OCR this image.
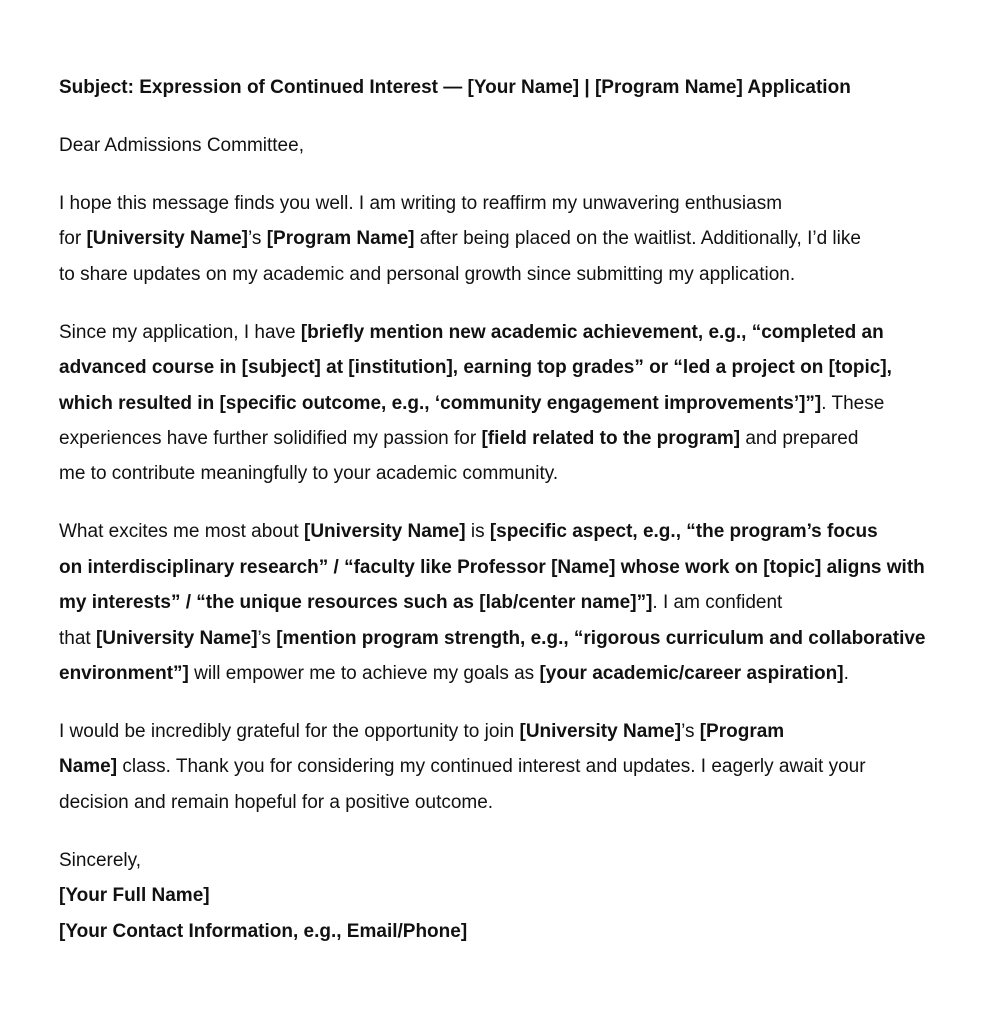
Subject: Expression of Continued Interest — [Your Name] | [Program Name] Application

Dear Admissions Committee,

I hope this message finds you well. I am writing to reaffirm my unwavering enthusiasm
for [University Name]’s [Program Name] after being placed on the waitlist. Additionally, I’d like
to share updates on my academic and personal growth since submitting my application.

Since my application, I have [briefly mention new academic achievement, e.g., “completed an
advanced course in [subject] at [institution], earning top grades” or “led a project on [topic],
which resulted in [specific outcome, e.g., ‘community engagement improvements’]”]. These
experiences have further solidified my passion for [field related to the program] and prepared
me to contribute meaningfully to your academic community.

What excites me most about [University Name] is [specific aspect, e.g., “the program’s focus
on interdisciplinary research” / “faculty like Professor [Name] whose work on [topic] aligns with
my interests” / “the unique resources such as [lab/center name]”]. I am confident
that [University Name]’s [mention program strength, e.g., “rigorous curriculum and collaborative
environment”] will empower me to achieve my goals as [your academic/career aspiration].

I would be incredibly grateful for the opportunity to join [University Name]’s [Program
Name] class. Thank you for considering my continued interest and updates. I eagerly await your
decision and remain hopeful for a positive outcome.

Sincerely,
[Your Full Name]
[Your Contact Information, e.g., Email/Phone]
